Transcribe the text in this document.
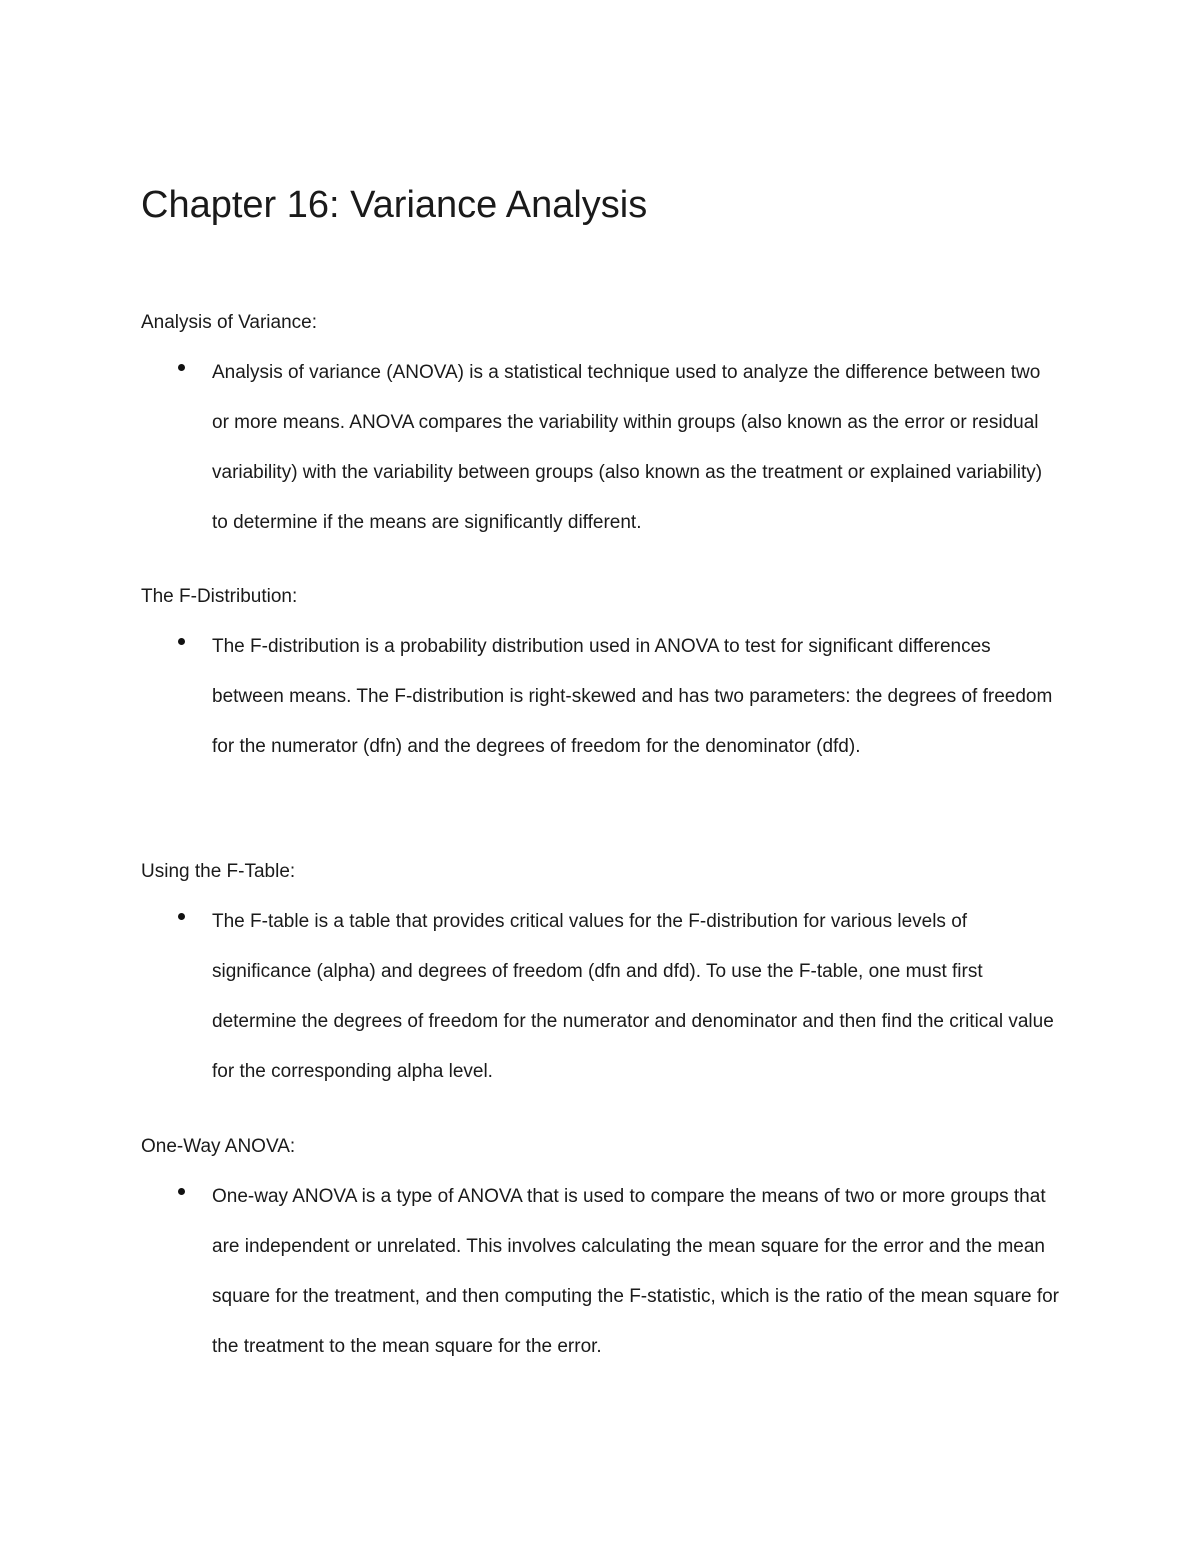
Chapter 16: Variance Analysis

Analysis of Variance:

Analysis of variance (ANOVA) is a statistical technique used to analyze the difference between two or more means. ANOVA compares the variability within groups (also known as the error or residual variability) with the variability between groups (also known as the treatment or explained variability) to determine if the means are significantly different.

The F-Distribution:

The F-distribution is a probability distribution used in ANOVA to test for significant differences between means. The F-distribution is right-skewed and has two parameters: the degrees of freedom for the numerator (dfn) and the degrees of freedom for the denominator (dfd).

Using the F-Table:

The F-table is a table that provides critical values for the F-distribution for various levels of significance (alpha) and degrees of freedom (dfn and dfd). To use the F-table, one must first determine the degrees of freedom for the numerator and denominator and then find the critical value for the corresponding alpha level.

One-Way ANOVA:

One-way ANOVA is a type of ANOVA that is used to compare the means of two or more groups that are independent or unrelated. This involves calculating the mean square for the error and the mean square for the treatment, and then computing the F-statistic, which is the ratio of the mean square for the treatment to the mean square for the error.
